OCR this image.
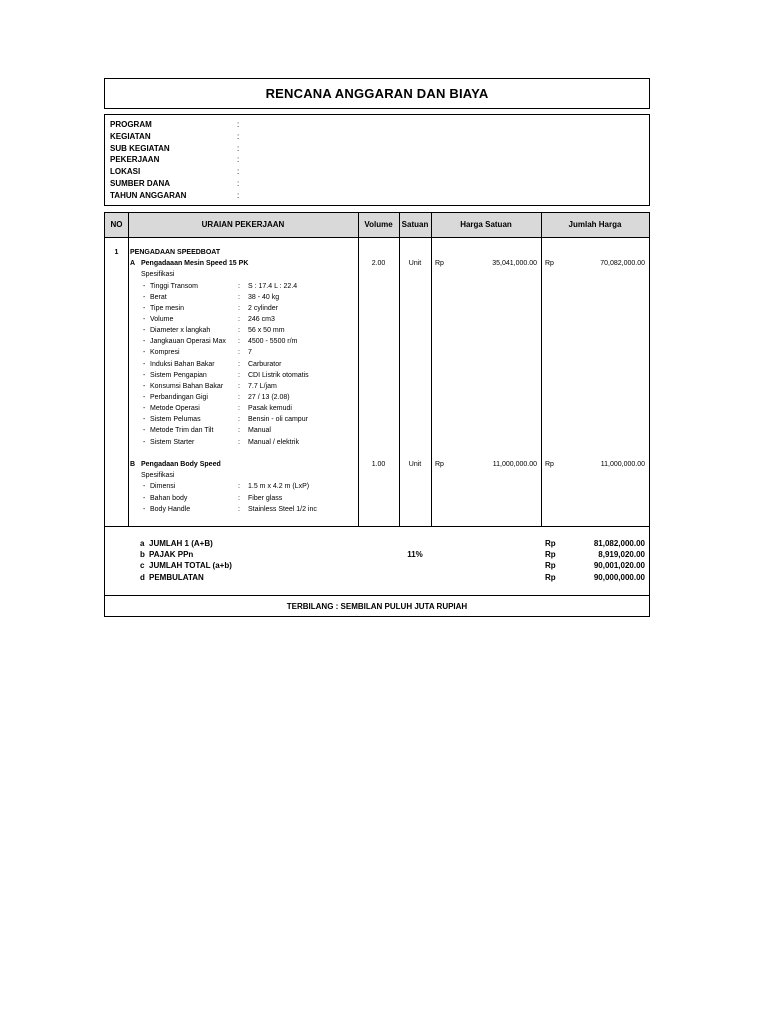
RENCANA ANGGARAN DAN BIAYA
PROGRAM	:
KEGIATAN	:
SUB KEGIATAN	:
PEKERJAAN	:
LOKASI	:
SUMBER DANA	:
TAHUN ANGGARAN	:
NO	URAIAN PEKERJAAN	Volume	Satuan	Harga Satuan	Jumlah Harga
1	PENGADAAN SPEEDBOAT
A Pengadaaan Mesin Speed 15 PK	2.00	Unit	Rp	35,041,000.00 Rp	70,082,000.00
Spesifikasi
- Tinggi Transom	: S : 17.4 L : 22.4
- Berat	: 38 - 40 kg
- Tipe mesin	: 2 cylinder
- Volume	: 246 cm3
- Diameter x langkah	: 56 x 50 mm
- Jangkauan Operasi Max : 4500 - 5500 r/m
- Kompresi	: 7
- Induksi Bahan Bakar	: Carburator
- Sistem Pengapian	: CDI Listrik otomatis
- Konsumsi Bahan Bakar : 7.7 L/jam
- Perbandingan Gigi	: 27 / 13 (2.08)
- Metode Operasi	: Pasak kemudi
- Sistem Pelumas	: Bensin - oli campur
- Metode Trim dan Tilt	: Manual
- Sistem Starter	: Manual / elektrik
B Pengadaan Body Speed	1.00	Unit	Rp	11,000,000.00 Rp	11,000,000.00
Spesifikasi
- Dimensi	: 1.5 m x 4.2 m (LxP)
- Bahan body	: Fiber glass
- Body Handle	: Stainless Steel 1/2 inc
a JUMLAH 1 (A+B)	Rp	81,082,000.00
b PAJAK PPn	11%	Rp	8,919,020.00
c JUMLAH TOTAL (a+b)	Rp	90,001,020.00
d PEMBULATAN	Rp	90,000,000.00
TERBILANG : SEMBILAN PULUH JUTA RUPIAH
